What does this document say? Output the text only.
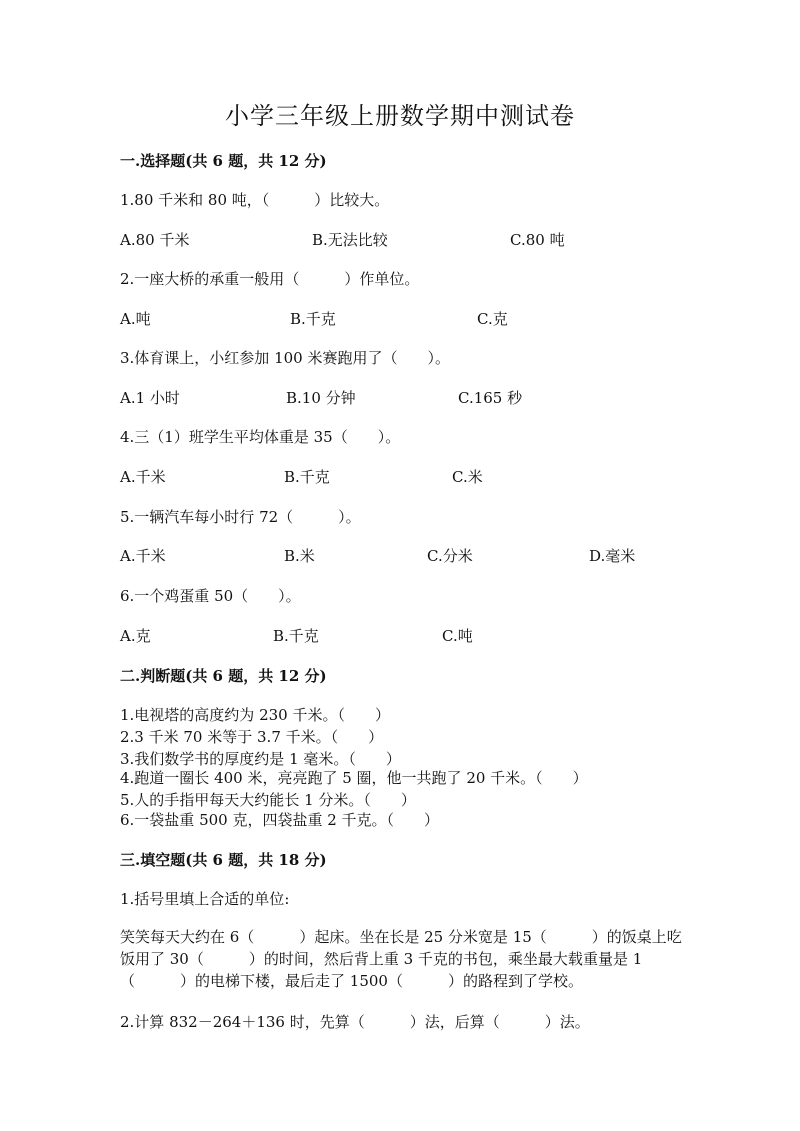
小学三年级上册数学期中测试卷
一.选择题(共 6 题，共 12 分)
1.80 千米和 80 吨，（　　　）比较大。
A.80 千米	B.无法比较	C.80 吨
2.一座大桥的承重一般用（　　　）作单位。
A.吨	B.千克	C.克
3.体育课上，小红参加 100 米赛跑用了（　　）。
A.1 小时	B.10 分钟	C.165 秒
4.三（1）班学生平均体重是 35（　　）。
A.千米	B.千克	C.米
5.一辆汽车每小时行 72（　　　）。
A.千米	B.米	C.分米	D.毫米
6.一个鸡蛋重 50（　　）。
A.克	B.千克	C.吨
二.判断题(共 6 题，共 12 分)
1.电视塔的高度约为 230 千米。（　　）
2.3 千米 70 米等于 3.7 千米。（　　）
3.我们数学书的厚度约是 1 毫米。（　　）
4.跑道一圈长 400 米，亮亮跑了 5 圈，他一共跑了 20 千米。（　　）
5.人的手指甲每天大约能长 1 分米。（　　）
6.一袋盐重 500 克，四袋盐重 2 千克。（　　）
三.填空题(共 6 题，共 18 分)
1.括号里填上合适的单位:
笑笑每天大约在 6（　　　）起床。坐在长是 25 分米宽是 15（　　　）的饭桌上吃饭用了 30（　　　）的时间，然后背上重 3 千克的书包，乘坐最大载重量是 1（　　　）的电梯下楼，最后走了 1500（　　　）的路程到了学校。
2.计算 832－264＋136 时，先算（　　　）法，后算（　　　）法。
